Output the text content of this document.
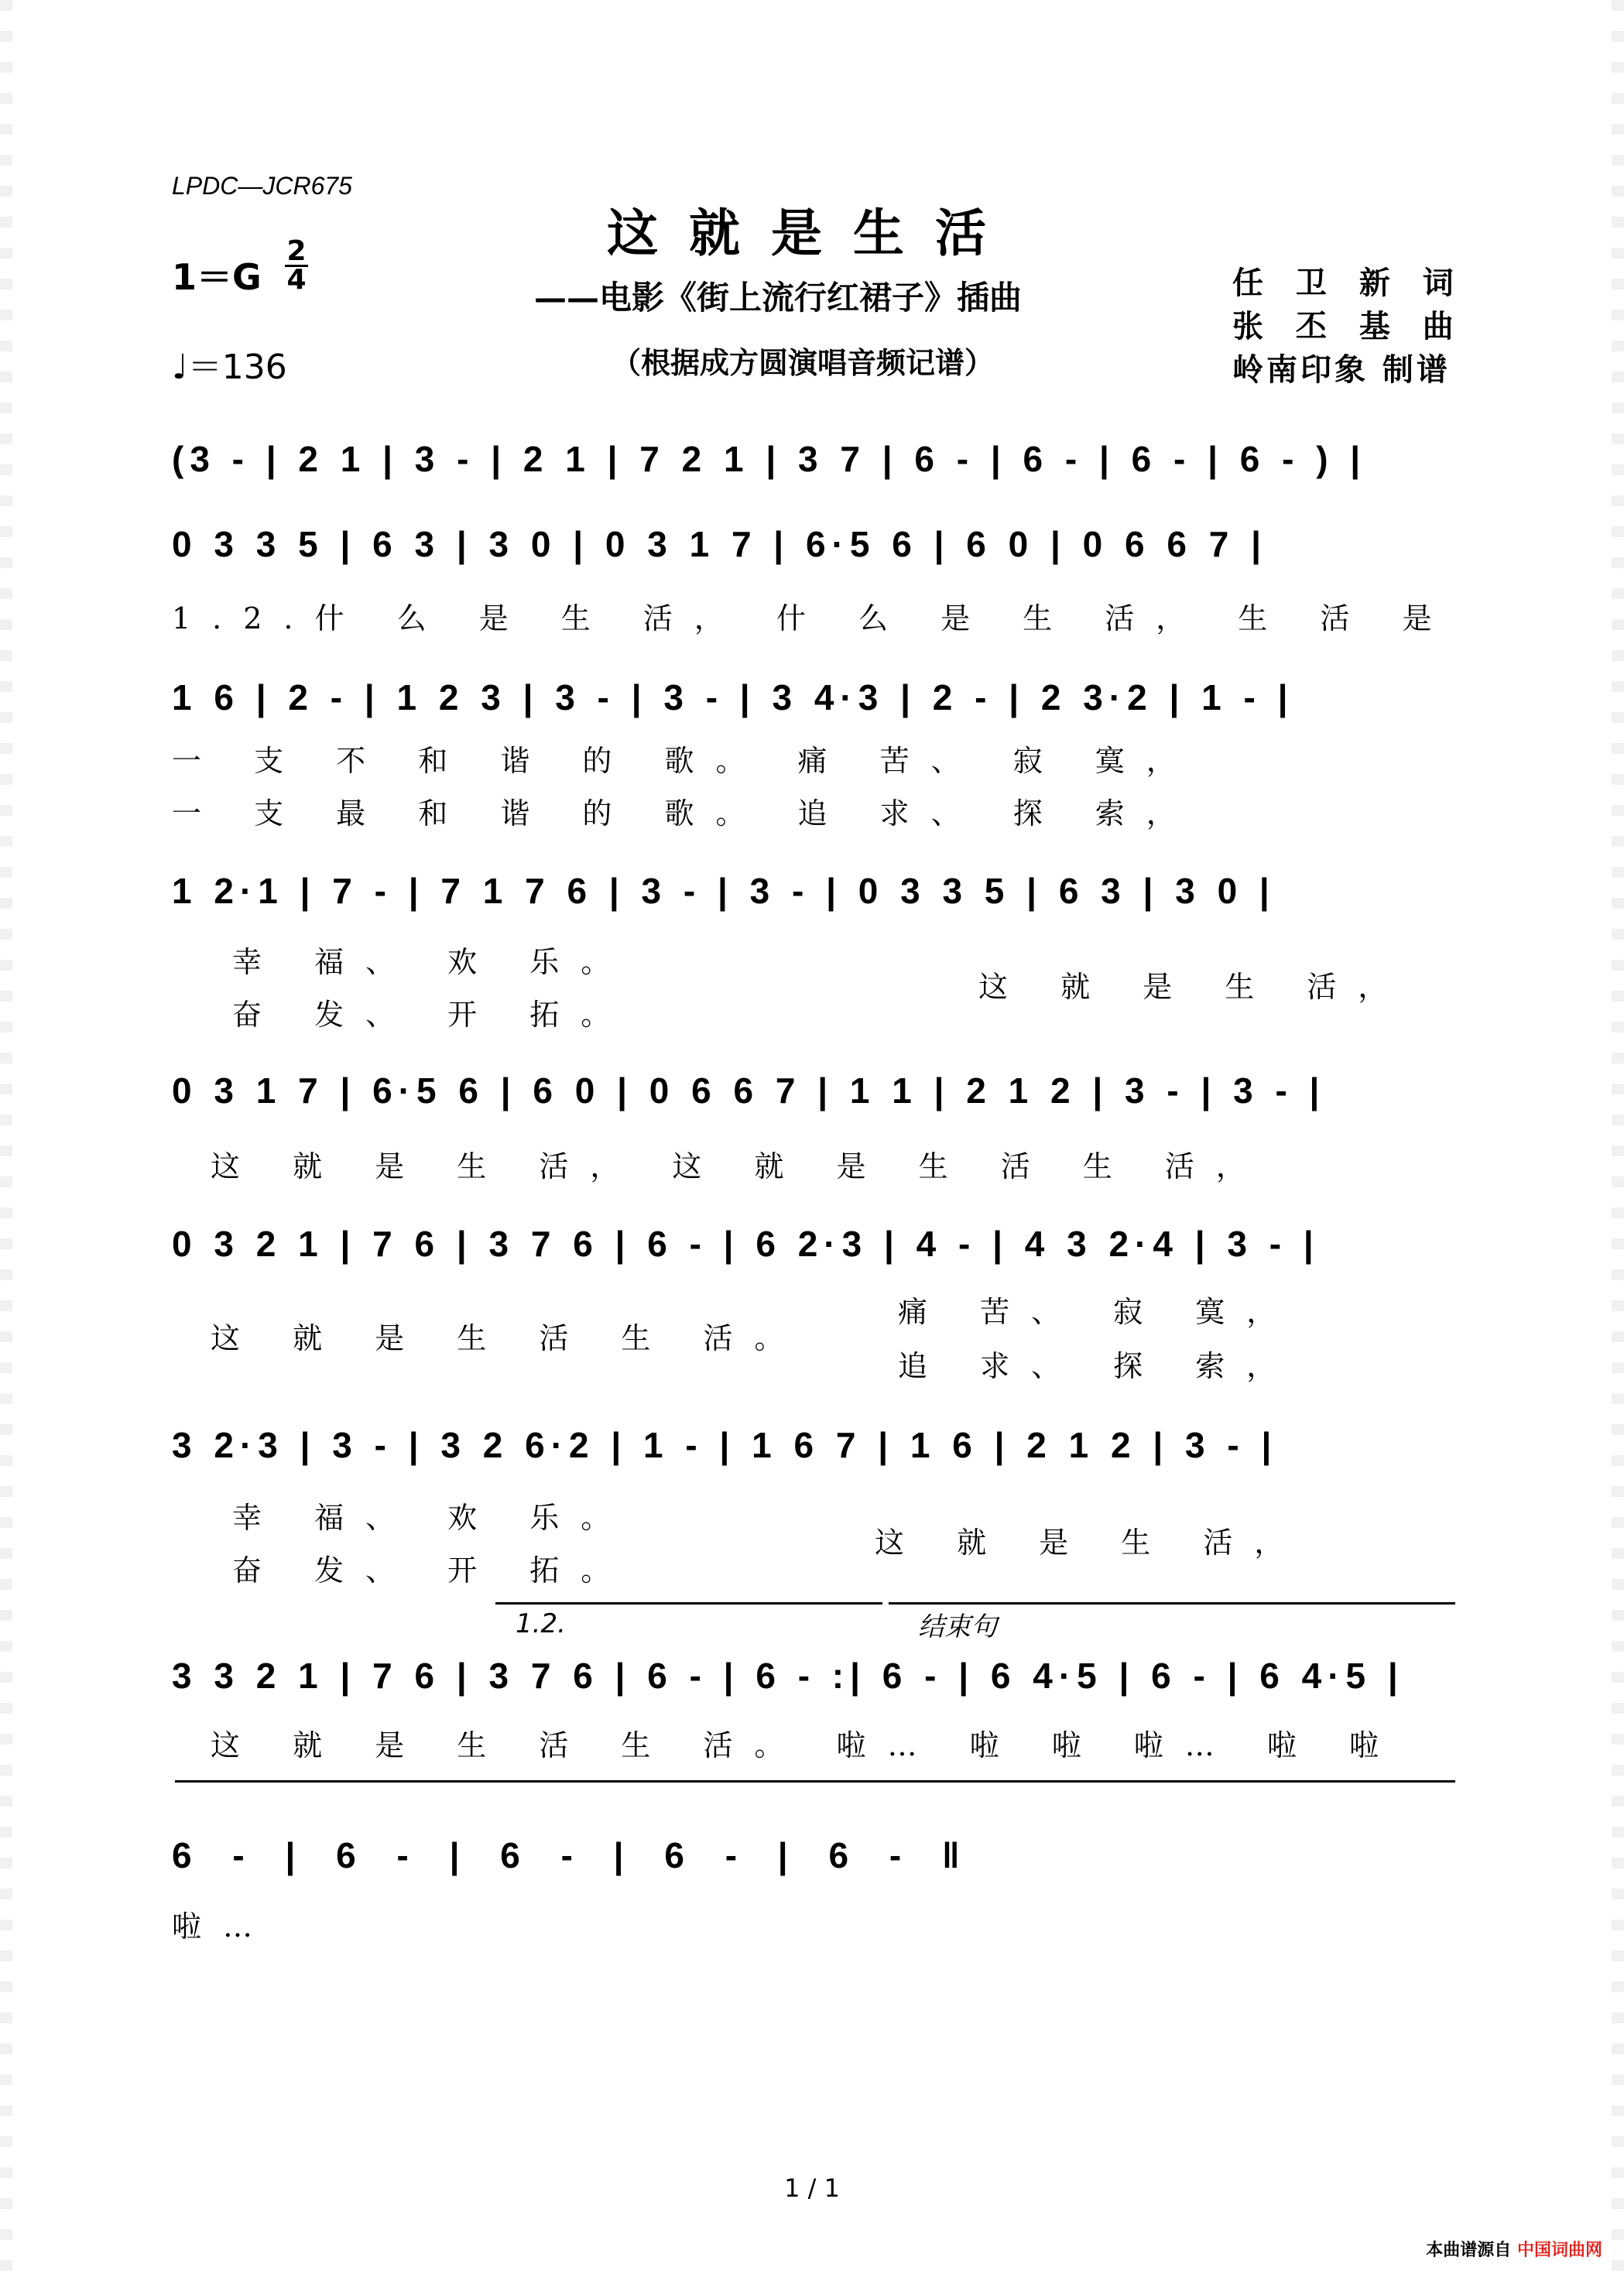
LPDC—JCR675
这就是生活
——电影《街上流行红裙子》插曲
（根据成方圆演唱音频记谱）
1＝G
2
4
♩＝136
任 卫 新 词
张 丕 基 曲
岭南印象 制谱
(3 - | 2 1 | 3 - | 2 1 | 7 2 1 | 3 7 | 6 - | 6 - | 6 - | 6 - ) |
0 3 3 5 | 6 3 | 3 0 | 0 3 1 7 | 6·5 6 | 6 0 | 0 6 6 7 |
1.2.什 么 是 生 活， 什 么 是 生 活， 生 活 是
1 6 | 2 - | 1 2 3 | 3 - | 3 - | 3 4·3 | 2 - | 2 3·2 | 1 - |
一 支 不 和 谐 的 歌。 痛 苦、 寂 寞，
一 支 最 和 谐 的 歌。 追 求、 探 索，
1 2·1 | 7 - | 7 1 7 6 | 3 - | 3 - | 0 3 3 5 | 6 3 | 3 0 |
幸 福、 欢 乐。
奋 发、 开 拓。
这 就 是 生 活，
0 3 1 7 | 6·5 6 | 6 0 | 0 6 6 7 | 1 1 | 2 1 2 | 3 - | 3 - |
这 就 是 生 活， 这 就 是 生 活 生 活，
0 3 2 1 | 7 6 | 3 7 6 | 6 - | 6 2·3 | 4 - | 4 3 2·4 | 3 - |
这 就 是 生 活 生 活。
痛 苦、 寂 寞，
追 求、 探 索，
3 2·3 | 3 - | 3 2 6·2 | 1 - | 1 6 7 | 1 6 | 2 1 2 | 3 - |
幸 福、 欢 乐。
奋 发、 开 拓。
这 就 是 生 活，
1.2.	结束句
3 3 2 1 | 7 6 | 3 7 6 | 6 - | 6 - :| 6 - | 6 4·5 | 6 - | 6 4·5 |
这 就 是 生 活 生 活。 啦… 啦 啦 啦… 啦 啦
6 - | 6 - | 6 - | 6 - | 6 - ‖
啦…
1 / 1
本曲谱源自 中国词曲网
